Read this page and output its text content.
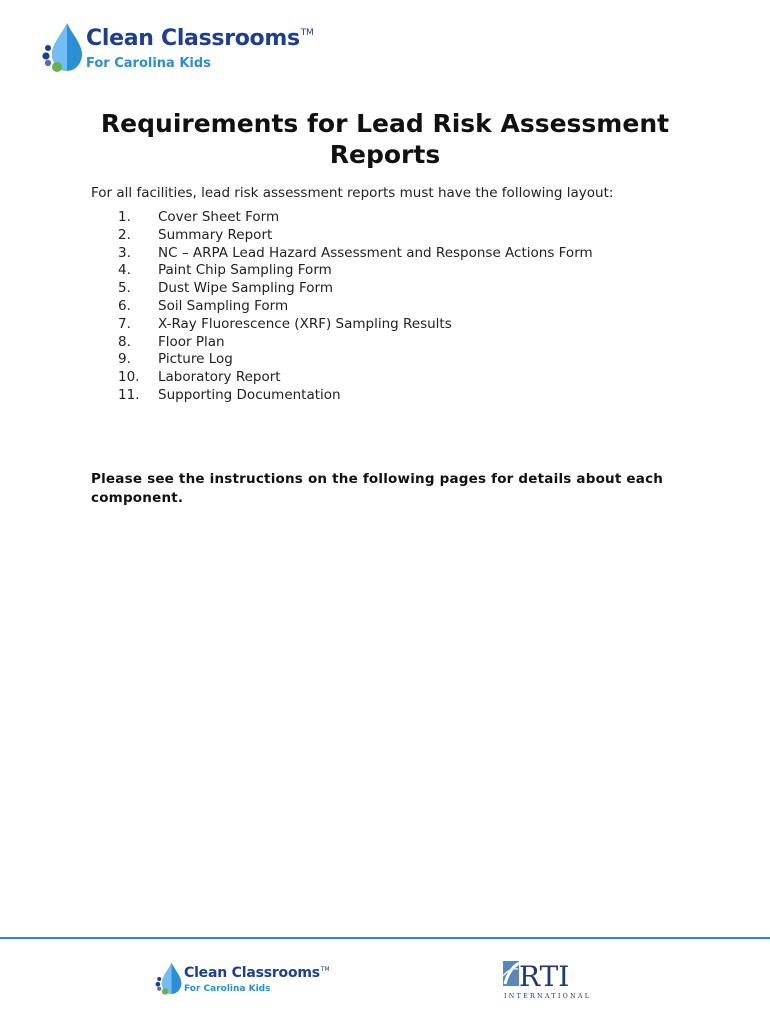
Clean Classrooms™
For Carolina Kids
Requirements for Lead Risk Assessment Reports

For all facilities, lead risk assessment reports must have the following layout:

1. Cover Sheet Form
2. Summary Report
3. NC – ARPA Lead Hazard Assessment and Response Actions Form
4. Paint Chip Sampling Form
5. Dust Wipe Sampling Form
6. Soil Sampling Form
7. X-Ray Fluorescence (XRF) Sampling Results
8. Floor Plan
9. Picture Log
10. Laboratory Report
11. Supporting Documentation

Please see the instructions on the following pages for details about each component.

Clean Classrooms™
For Carolina Kids	RTI
INTERNATIONAL
